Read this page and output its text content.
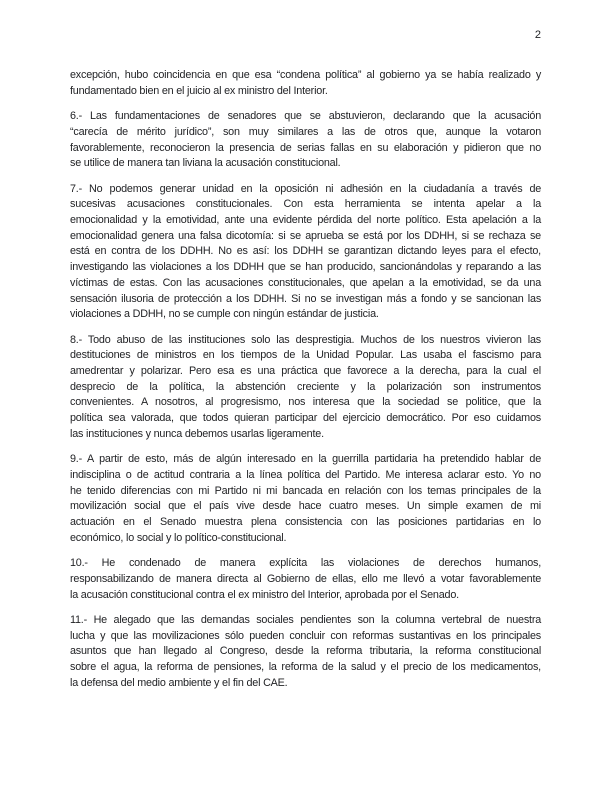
2
excepción, hubo coincidencia en que esa “condena política” al gobierno ya se había realizado y
fundamentado bien en el juicio al ex ministro del Interior.
6.- Las fundamentaciones de senadores que se abstuvieron, declarando que la acusación
“carecía de mérito jurídico”, son muy similares a las de otros que, aunque la votaron
favorablemente, reconocieron la presencia de serias fallas en su elaboración y pidieron que no
se utilice de manera tan liviana la acusación constitucional.
7.- No podemos generar unidad en la oposición ni adhesión en la ciudadanía a través de
sucesivas acusaciones constitucionales. Con esta herramienta se intenta apelar a la
emocionalidad y la emotividad, ante una evidente pérdida del norte político. Esta apelación a la
emocionalidad genera una falsa dicotomía: si se aprueba se está por los DDHH, si se rechaza se
está en contra de los DDHH. No es así: los DDHH se garantizan dictando leyes para el efecto,
investigando las violaciones a los DDHH que se han producido, sancionándolas y reparando a las
víctimas de estas. Con las acusaciones constitucionales, que apelan a la emotividad, se da una
sensación ilusoria de protección a los DDHH. Si no se investigan más a fondo y se sancionan las
violaciones a DDHH, no se cumple con ningún estándar de justicia.
8.- Todo abuso de las instituciones solo las desprestigia. Muchos de los nuestros vivieron las
destituciones de ministros en los tiempos de la Unidad Popular. Las usaba el fascismo para
amedrentar y polarizar. Pero esa es una práctica que favorece a la derecha, para la cual el
desprecio de la política, la abstención creciente y la polarización son instrumentos
convenientes. A nosotros, al progresismo, nos interesa que la sociedad se politice, que la
política sea valorada, que todos quieran participar del ejercicio democrático. Por eso cuidamos
las instituciones y nunca debemos usarlas ligeramente.
9.- A partir de esto, más de algún interesado en la guerrilla partidaria ha pretendido hablar de
indisciplina o de actitud contraria a la línea política del Partido. Me interesa aclarar esto. Yo no
he tenido diferencias con mi Partido ni mi bancada en relación con los temas principales de la
movilización social que el país vive desde hace cuatro meses. Un simple examen de mi
actuación en el Senado muestra plena consistencia con las posiciones partidarias en lo
económico, lo social y lo político-constitucional.
10.- He condenado de manera explícita las violaciones de derechos humanos,
responsabilizando de manera directa al Gobierno de ellas, ello me llevó a votar favorablemente
la acusación constitucional contra el ex ministro del Interior, aprobada por el Senado.
11.- He alegado que las demandas sociales pendientes son la columna vertebral de nuestra
lucha y que las movilizaciones sólo pueden concluir con reformas sustantivas en los principales
asuntos que han llegado al Congreso, desde la reforma tributaria, la reforma constitucional
sobre el agua, la reforma de pensiones, la reforma de la salud y el precio de los medicamentos,
la defensa del medio ambiente y el fin del CAE.
